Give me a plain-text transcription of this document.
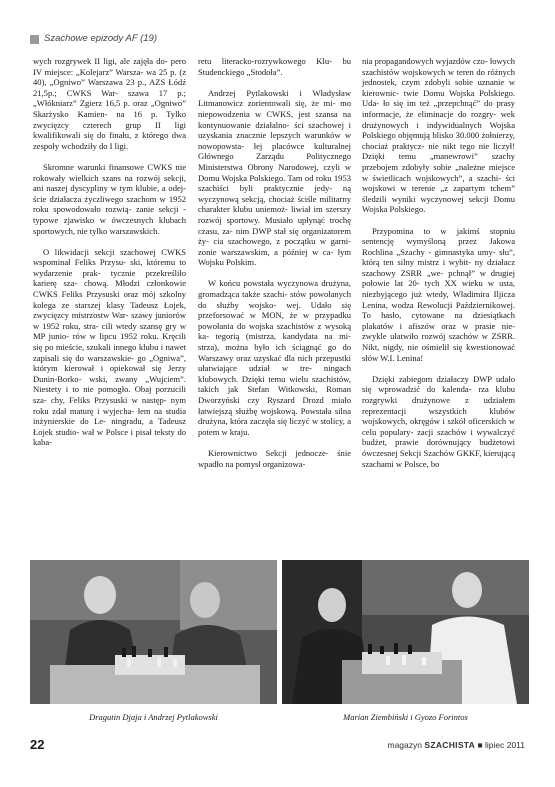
Szachowe epizody AF (19)

wych rozgrywek II ligi, ale zajęła do- pero IV miejsce: „Kolejarz” Warsza- wa 25 p. (z 40), „Ogniwo” Warszawa 23 p., AZS Łódź 21,5p.; CWKS War- szawa 17 p.; „Włókniarz” Zgierz 16,5 p. oraz „Ogniwo” Skarżysko Kamien- na 16 p. Tylko zwycięzcy czterech grup II ligi kwalifikowali się do finału, z którego dwa zespoły wchodziły do I ligi.

Skromne warunki finansowe CWKS nie rokowały wielkich szans na rozwój sekcji, ani naszej dyscypliny w tym klubie, a odej- ście działacza życzliwego szachom w 1952 roku spowodowało rozwią- zanie sekcji - typowe zjawisko w ówczesnych klubach sportowych, nie tylko warszawskich.

O likwidacji sekcji szachowej CWKS wspominał Feliks Przysu- ski, któremu to wydarzenie prak- tycznie przekreśliło karierę sza- chową. Młodzi członkowie CWKS Feliks Przysuski oraz mój szkolny kolega ze starszej klasy Tadeusz Łojek, zwycięzcy mistrzostw War- szawy juniorów w 1952 roku, stra- cili wtedy szansę gry w MP junio- rów w lipcu 1952 roku. Kręcili się po mieście, szukali innego klubu i nawet zapisali się do warszawskie- go „Ogniwa”, którym kierował i opiekował się Jerzy Dunin-Borko- wski, zwany „Wujciem”. Niestety i to nie pomogło. Obaj porzucili sza- chy, Feliks Przysuski w następ- nym roku zdał maturę i wyjecha- łem na studia inżynierskie do Le- ningradu, a Tadeusz Łojek studio- wał w Polsce i pisał teksty do kaba-

retu literacko-rozrywkowego Klu- bu Studenckiego „Stodoła”.

Andrzej Pytlakowski i Władysław Litmanowicz zorientowali się, że mi- mo niepowodzenia w CWKS, jest szansa na kontynuowanie działalno- ści szachowej i uzyskania znacznie lepszych warunków w nowopowsta- łej placówce kulturalnej Głównego Zarządu Politycznego Ministerstwa Obrony Narodowej, czyli w Domu Wojska Polskiego. Tam od roku 1953 szachiści byli praktycznie jedy- ną wyczynową sekcją, chociaż ściśle militarny charakter klubu uniemoż- liwiał im szerszy rozwój sportowy. Musiało upłynąć trochę czasu, za- nim DWP stał się organizatorem ży- cia szachowego, z początku w garni- zonie warszawskim, a później w ca- łym Wojsku Polskim.

W końcu powstała wyczynowa drużyna, gromadząca także szachi- stów powołanych do służby wojsko- wej. Udało się przeforsować w MON, że w przypadku powołania do wojska szachistów z wysoką ka- tegorią (mistrza, kandydata na mi- strza), można było ich ściągnąć go do Warszawy oraz uzyskać dla nich przepustki ułatwiające udział w tre- ningach klubowych. Dzięki temu wielu szachistów, takich jak Stefan Witkowski, Roman Dworzyński czy Ryszard Drozd miało łatwiejszą służbę wojskową. Powstała silna drużyna, która zaczęła się liczyć w stolicy, a potem w kraju.

Kierownictwo Sekcji jednocze- śnie wpadło na pomysł organizowa-

nia propagandowych wyjazdów czo- łowych szachistów wojskowych w teren do różnych jednostek, czym zdobyli sobie uznanie w kierownic- twie Domu Wojska Polskiego. Uda- ło się im też „przepchnąć” do prasy informacje, że eliminacje do rozgry- wek drużynowych i indywidualnych Wojska Polskiego objęmują blisko 30.000 żołnierzy, chociaż praktycz- nie nikt tego nie liczył! Dzięki temu „manewrowi” szachy przebojem zdobyły sobie „należne miejsce w świetlicach wojskowych”, a szachi- ści wojskowi w terenie „z zapartym tchem” śledzili wyniki wyczynowej sekcji Domu Wojska Polskiego.

Przypomina to w jakimś stopniu sentencję wymyśloną przez Jakowa Rochlina „Szachy - gimnastyka umy- słu”, którą ten silny mistrz i wybit- ny działacz szachowy ZSRR „we- pchnął” w drugiej połowie lat 20- tych XX wieku w usta, niezbyjącego już wtedy, Władimira Iljicza Lenina, wodza Rewolucji Październikowej. To hasło, cytowane na dziesiątkach plakatów i afiszów oraz w prasie nie- zwykle ułatwiło rozwój szachów w ZSRR. Nikt, nigdy, nie ośmielił się kwestionować słów W.I. Lenina!

Dzięki zabiegom działaczy DWP udało się wprowadzić do kalenda- rza klubu rozgrywki drużynowe z udziałem reprezentacji wszystkich klubów wojskowych, okręgów i szkół oficerskich w celu populary- zacji szachów i wywalczyć budżet, prawie dorównujący budżetowi ówczesnej Sekcji Szachów GKKF, kierującą szachami w Polsce, bo

Dragutin Djaja i Andrzej Pytlakowski	Marian Ziembiński i Gyozo Forintos
22	magazyn SZACHISTA ■ lipiec 2011
